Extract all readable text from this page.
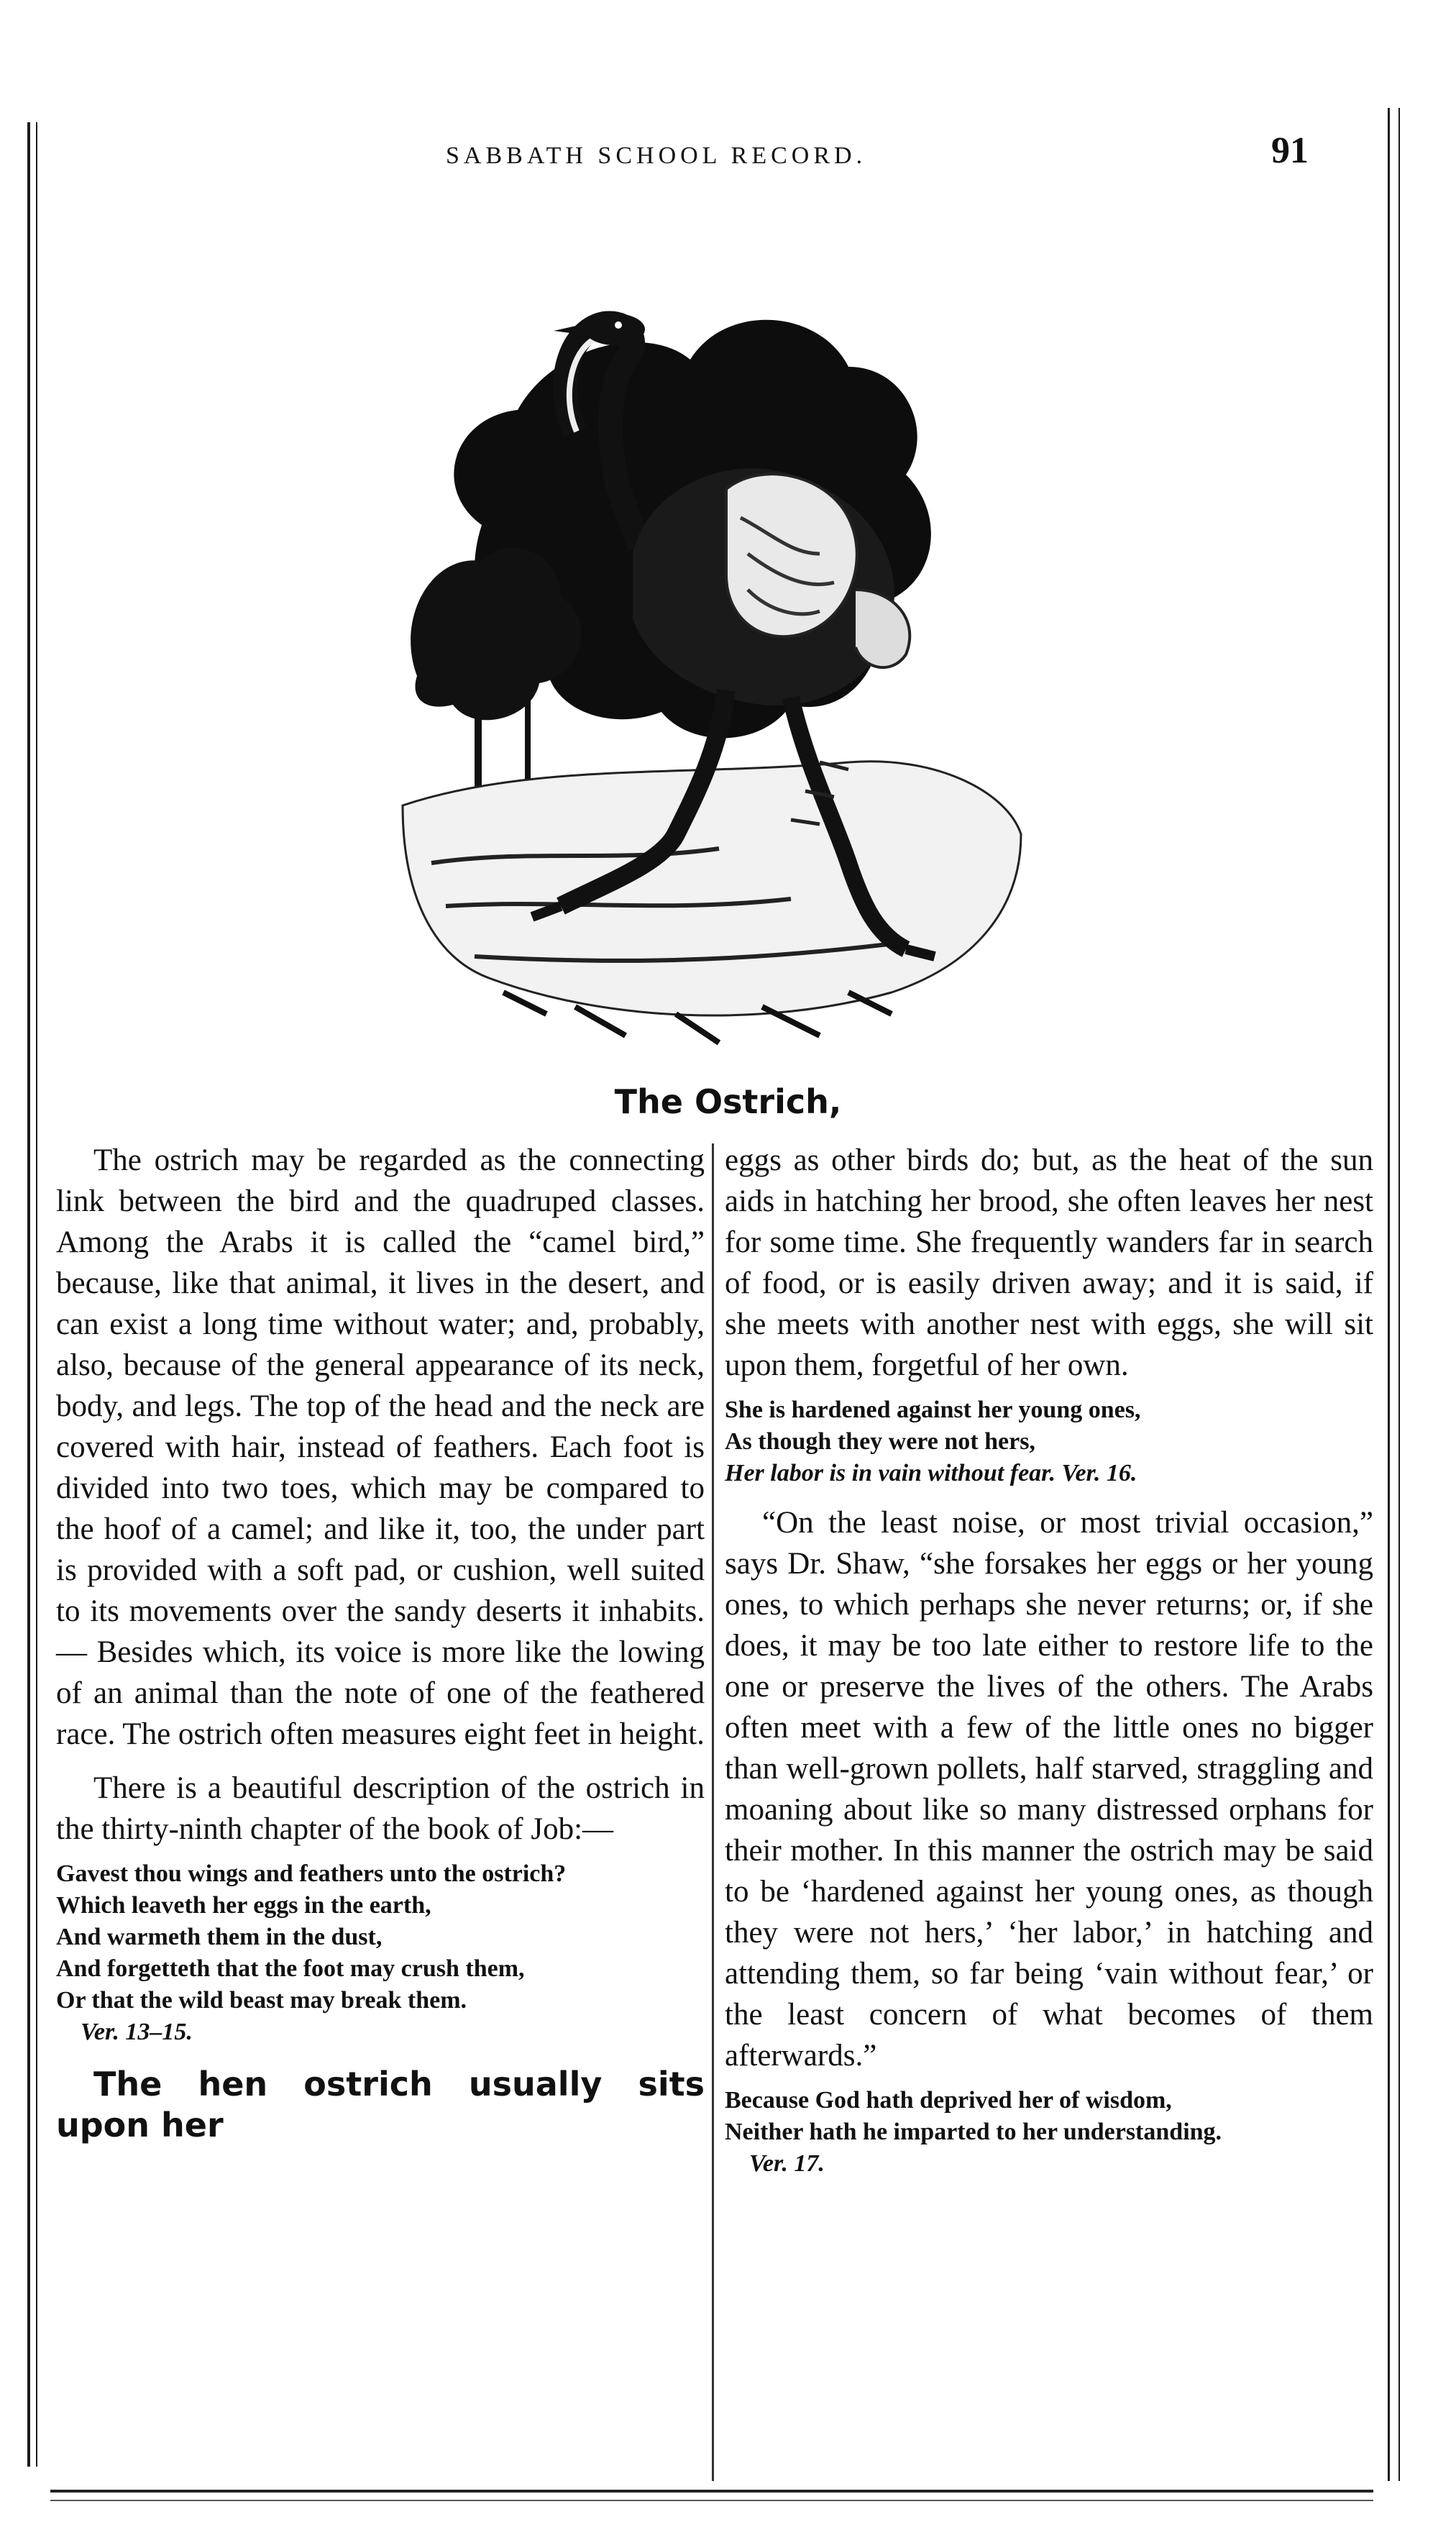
SABBATH SCHOOL RECORD.	91
The Ostrich,

The ostrich may be regarded as the connecting link between the bird and the quadruped classes. Among the Arabs it is called the “camel bird,” because, like that animal, it lives in the desert, and can exist a long time without water; and, probably, also, because of the general appearance of its neck, body, and legs. The top of the head and the neck are covered with hair, instead of feathers. Each foot is divided into two toes, which may be compared to the hoof of a camel; and like it, too, the under part is provided with a soft pad, or cushion, well suited to its movements over the sandy deserts it inhabits.— Besides which, its voice is more like the lowing of an animal than the note of one of the feathered race. The ostrich often measures eight feet in height.

There is a beautiful description of the ostrich in the thirty-ninth chapter of the book of Job:—

Gavest thou wings and feathers unto the ostrich?
Which leaveth her eggs in the earth,
And warmeth them in the dust,
And forgetteth that the foot may crush them,
Or that the wild beast may break them.
Ver. 13–15.

The hen ostrich usually sits upon her

eggs as other birds do; but, as the heat of the sun aids in hatching her brood, she often leaves her nest for some time. She frequently wanders far in search of food, or is easily driven away; and it is said, if she meets with another nest with eggs, she will sit upon them, forgetful of her own.

She is hardened against her young ones,
As though they were not hers,
Her labor is in vain without fear. Ver. 16.

“On the least noise, or most trivial occasion,” says Dr. Shaw, “she forsakes her eggs or her young ones, to which perhaps she never returns; or, if she does, it may be too late either to restore life to the one or preserve the lives of the others. The Arabs often meet with a few of the little ones no bigger than well-grown pollets, half starved, straggling and moaning about like so many distressed orphans for their mother. In this manner the ostrich may be said to be ‘hardened against her young ones, as though they were not hers,’ ‘her labor,’ in hatching and attending them, so far being ‘vain without fear,’ or the least concern of what becomes of them afterwards.”

Because God hath deprived her of wisdom,
Neither hath he imparted to her understanding.
Ver. 17.
